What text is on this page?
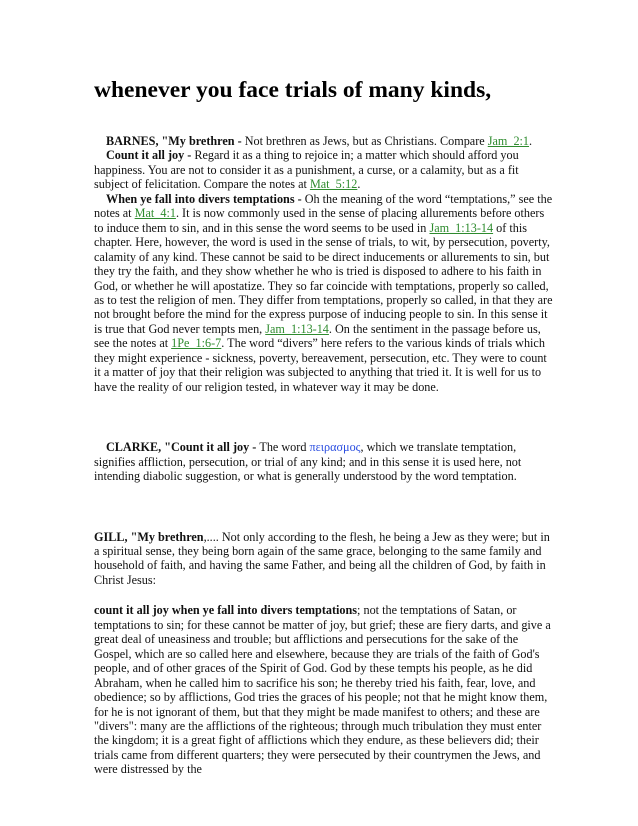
whenever you face trials of many kinds,

BARNES, "My brethren - Not brethren as Jews, but as Christians. Compare Jam_2:1.

Count it all joy - Regard it as a thing to rejoice in; a matter which should afford you happiness. You are not to consider it as a punishment, a curse, or a calamity, but as a fit subject of felicitation. Compare the notes at Mat_5:12.

When ye fall into divers temptations - Oh the meaning of the word “temptations,” see the notes at Mat_4:1. It is now commonly used in the sense of placing allurements before others to induce them to sin, and in this sense the word seems to be used in Jam_1:13-14 of this chapter. Here, however, the word is used in the sense of trials, to wit, by persecution, poverty, calamity of any kind. These cannot be said to be direct inducements or allurements to sin, but they try the faith, and they show whether he who is tried is disposed to adhere to his faith in God, or whether he will apostatize. They so far coincide with temptations, properly so called, as to test the religion of men. They differ from temptations, properly so called, in that they are not brought before the mind for the express purpose of inducing people to sin. In this sense it is true that God never tempts men, Jam_1:13-14. On the sentiment in the passage before us, see the notes at 1Pe_1:6-7. The word “divers” here refers to the various kinds of trials which they might experience - sickness, poverty, bereavement, persecution, etc. They were to count it a matter of joy that their religion was subjected to anything that tried it. It is well for us to have the reality of our religion tested, in whatever way it may be done.

CLARKE, "Count it all joy - The word πειρασμος, which we translate temptation, signifies affliction, persecution, or trial of any kind; and in this sense it is used here, not intending diabolic suggestion, or what is generally understood by the word temptation.

GILL, "My brethren,.... Not only according to the flesh, he being a Jew as they were; but in a spiritual sense, they being born again of the same grace, belonging to the same family and household of faith, and having the same Father, and being all the children of God, by faith in Christ Jesus:

count it all joy when ye fall into divers temptations; not the temptations of Satan, or temptations to sin; for these cannot be matter of joy, but grief; these are fiery darts, and give a great deal of uneasiness and trouble; but afflictions and persecutions for the sake of the Gospel, which are so called here and elsewhere, because they are trials of the faith of God's people, and of other graces of the Spirit of God. God by these tempts his people, as he did Abraham, when he called him to sacrifice his son; he thereby tried his faith, fear, love, and obedience; so by afflictions, God tries the graces of his people; not that he might know them, for he is not ignorant of them, but that they might be made manifest to others; and these are "divers": many are the afflictions of the righteous; through much tribulation they must enter the kingdom; it is a great fight of afflictions which they endure, as these believers did; their trials came from different quarters; they were persecuted by their countrymen the Jews, and were distressed by the
